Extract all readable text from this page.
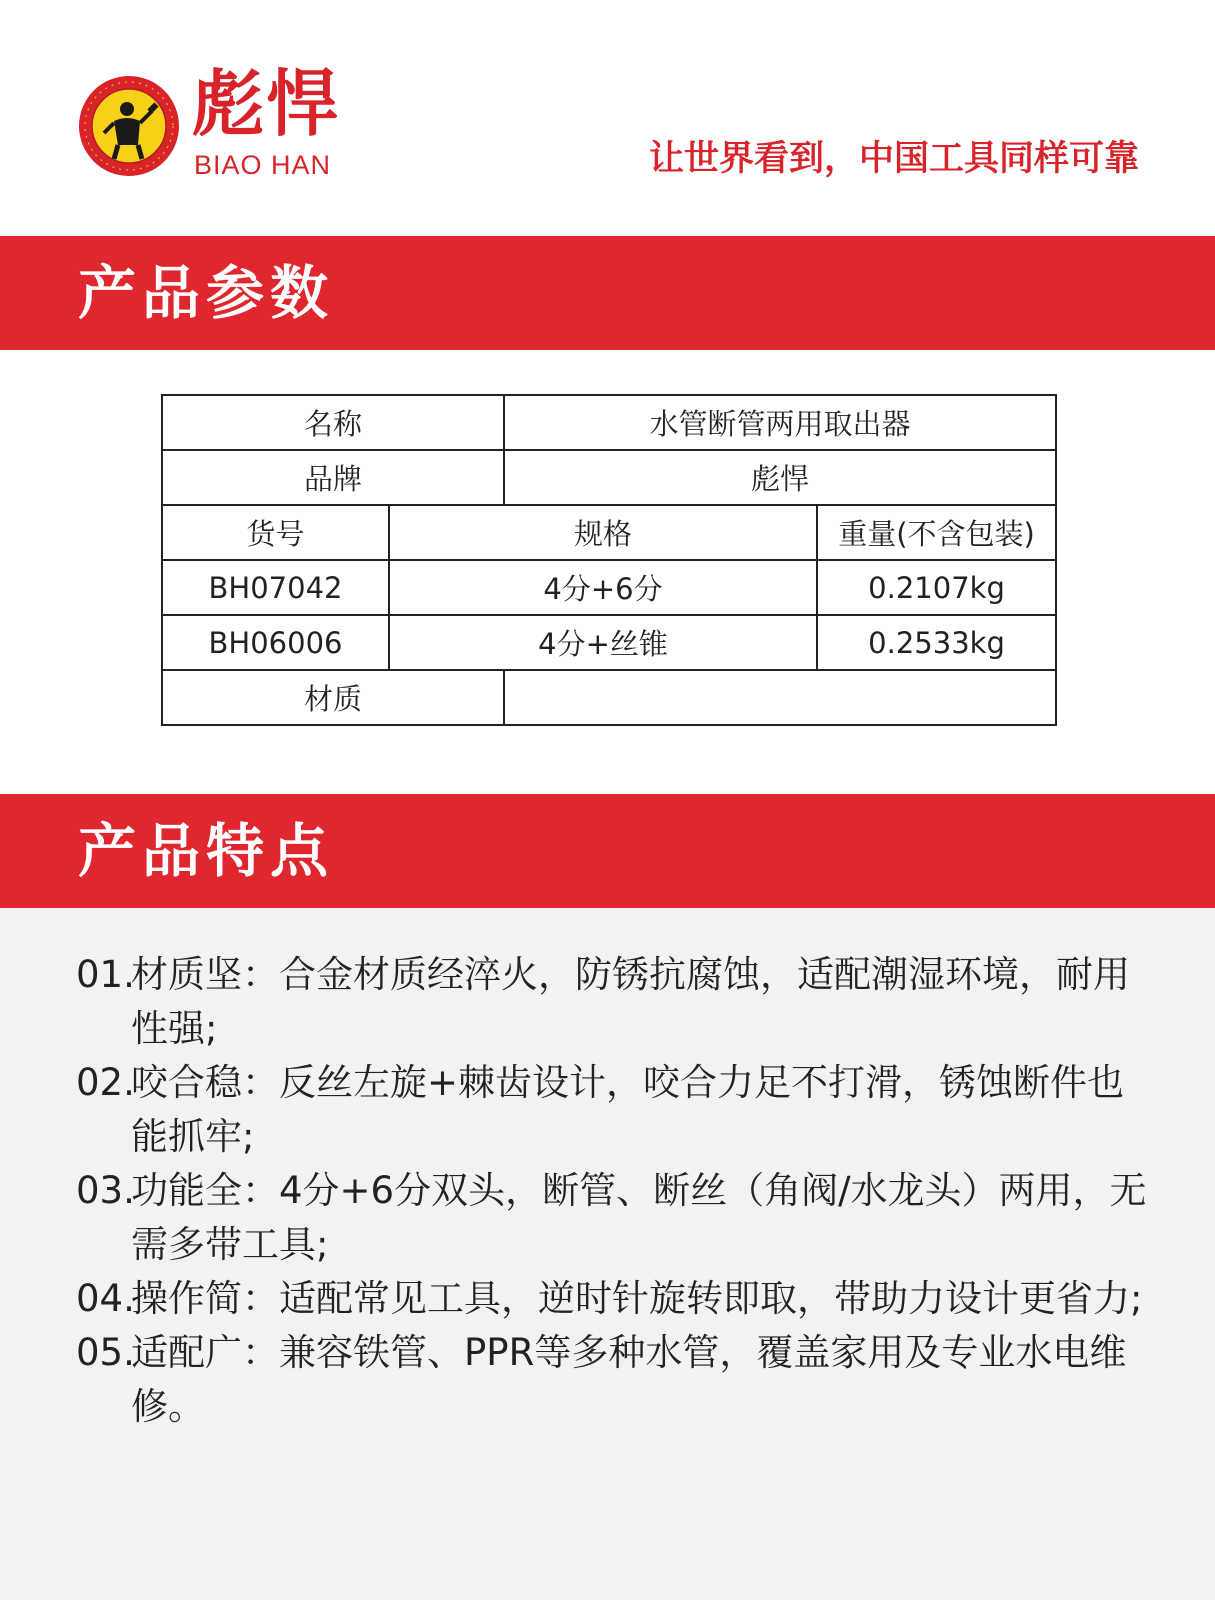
彪悍
BIAO HAN	让世界看到，中国工具同样可靠
产品参数
名称		水管断管两用取出器	
品牌		彪悍	
货号	规格		重量(不含包装)
BH07042	4分+6分		0.2107kg
BH06006	4分+丝锥		0.2533kg
材质			
产品特点
01.
材质坚：合金材质经淬火，防锈抗腐蚀，适配潮湿环境，耐用性强;
02.
咬合稳：反丝左旋+棘齿设计，咬合力足不打滑，锈蚀断件也能抓牢;
03.
功能全：4分+6分双头，断管、断丝（角阀/水龙头）两用，无需多带工具;
04.
操作简：适配常见工具，逆时针旋转即取，带助力设计更省力;
05.
适配广：兼容铁管、PPR等多种水管，覆盖家用及专业水电维修。
